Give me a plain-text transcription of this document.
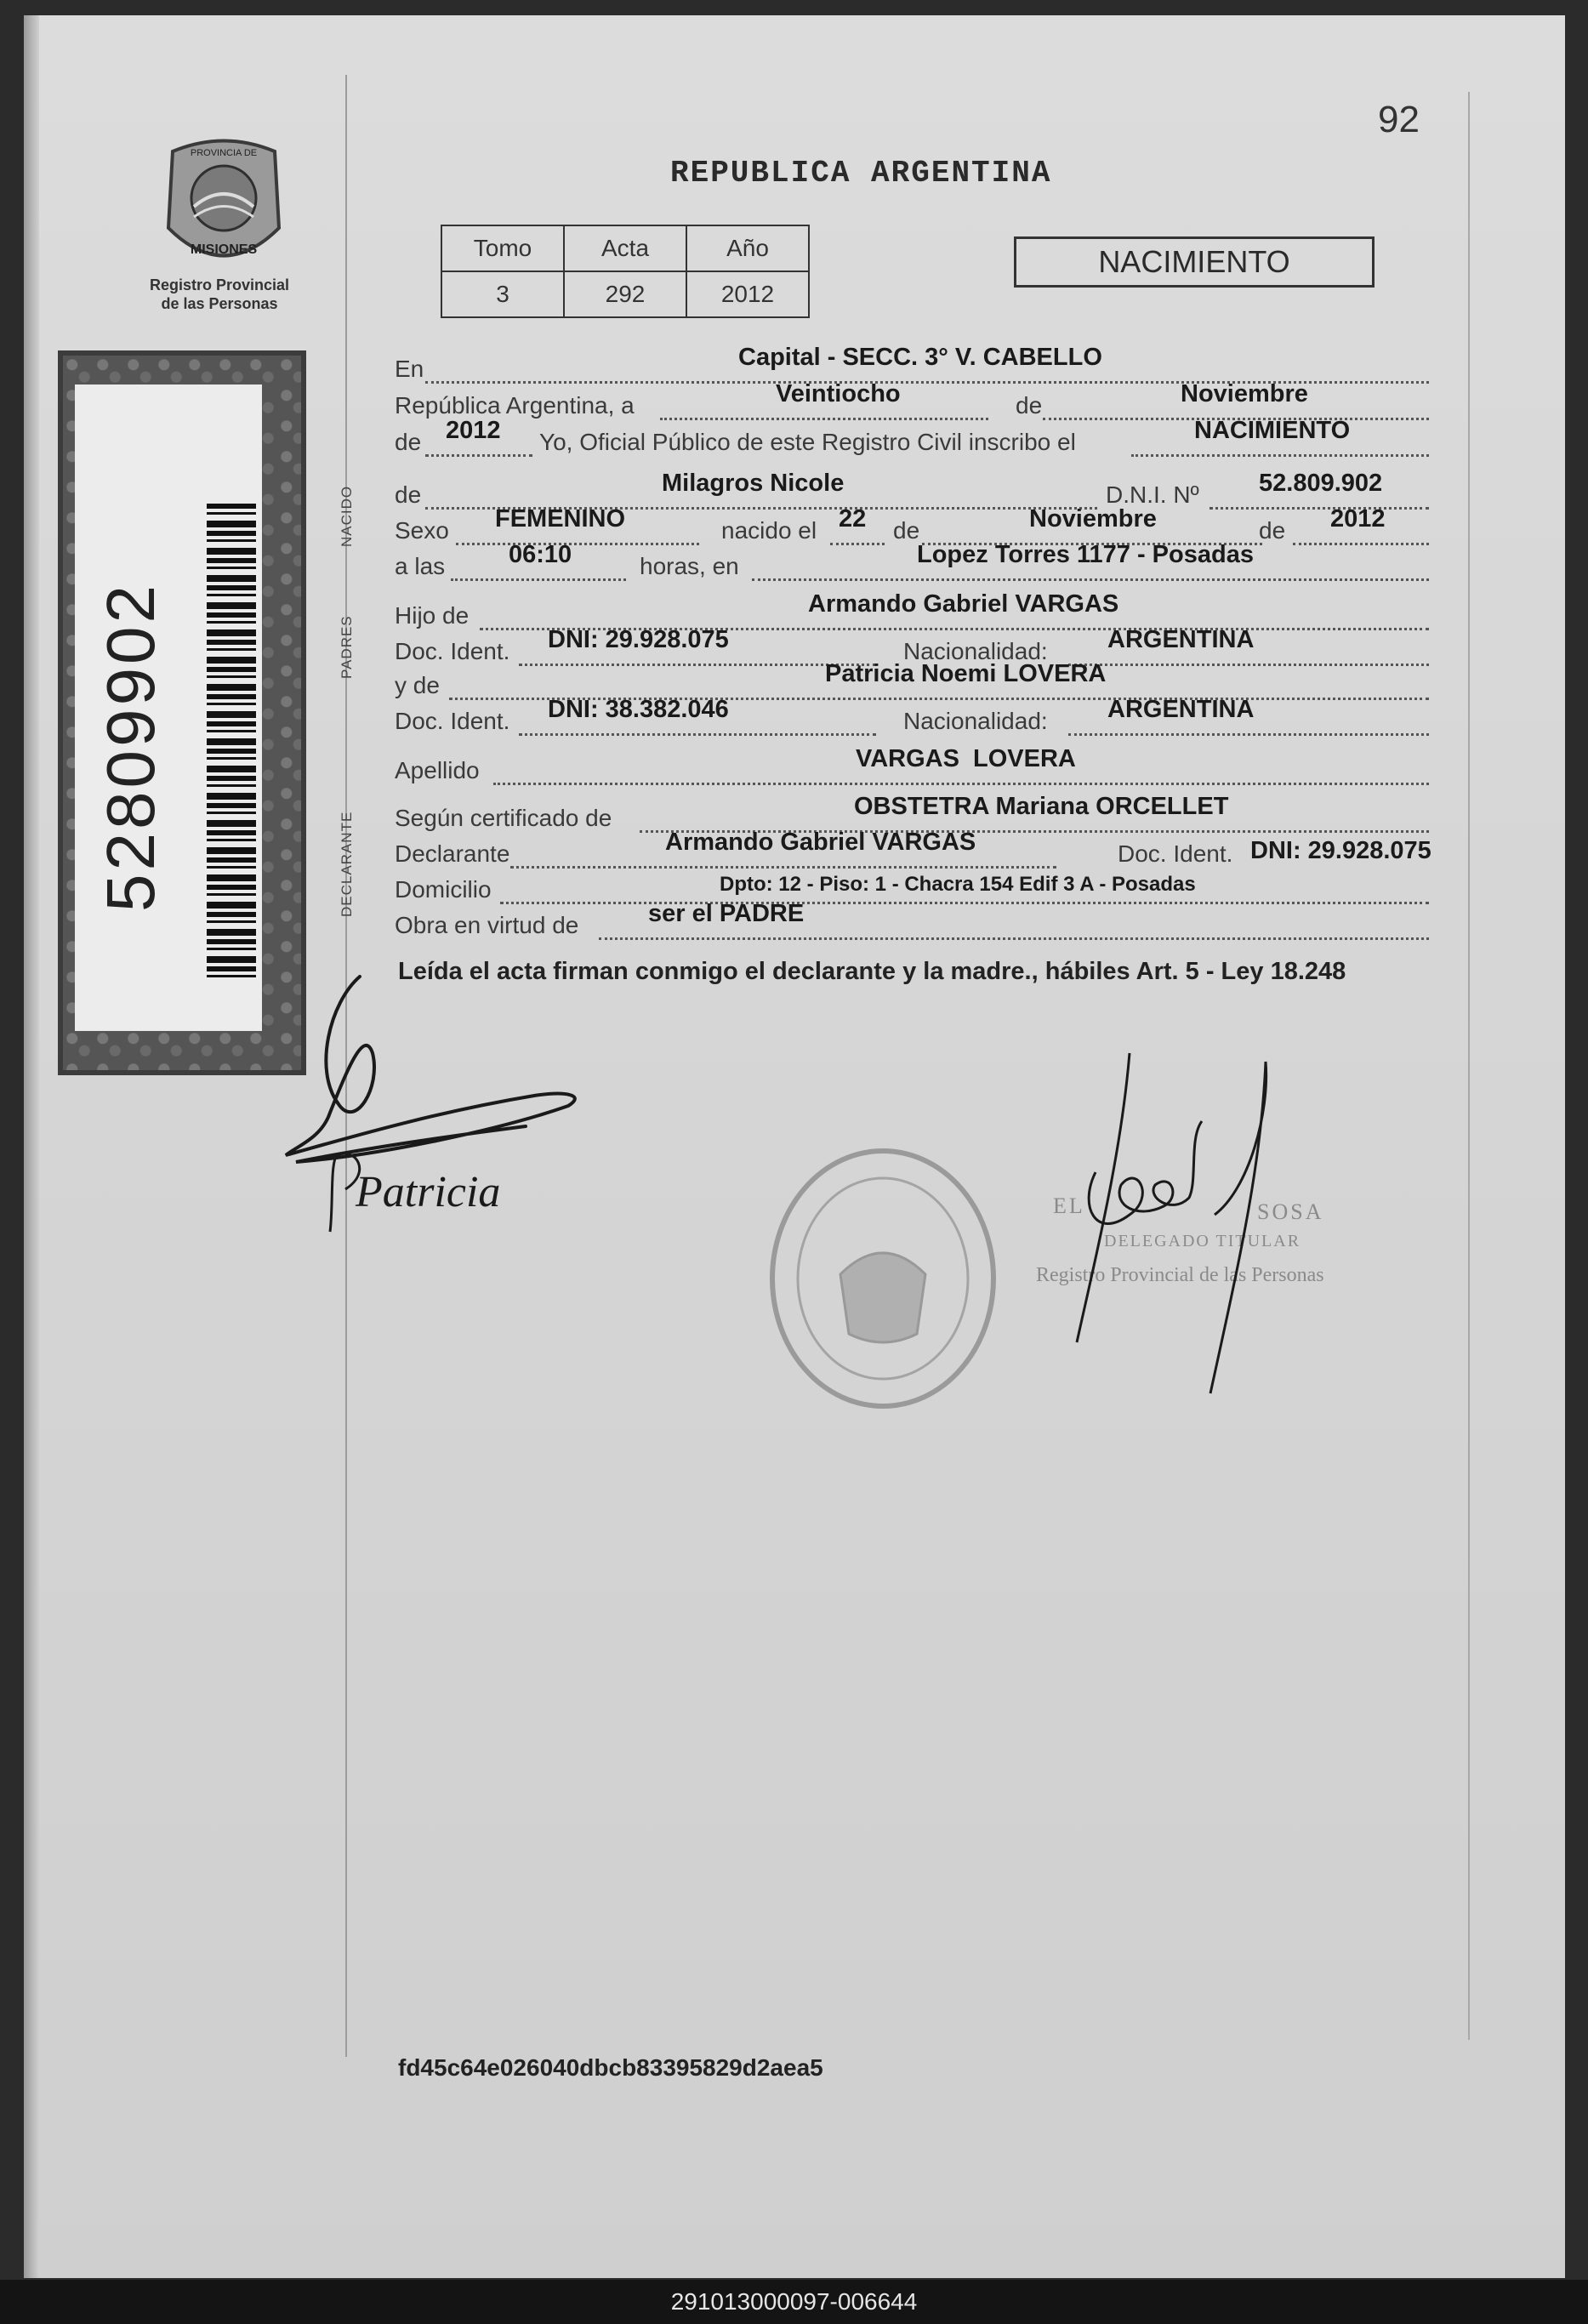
92
REPUBLICA ARGENTINA
PROVINCIA DE
MISIONES
Registro Provincial
de las Personas
Tomo	Acta	Año
3	292	2012
NACIMIENTO
52809902
NACIDO
PADRES
DECLARANTE
En	Capital - SECC. 3° V. CABELLO
República Argentina, a	Veintiocho	de	Noviembre
de 2012 Yo, Oficial Público de este Registro Civil inscribo el	NACIMIENTO
de	Milagros Nicole	D.N.I. Nº 52.809.902
Sexo FEMENINO	nacido el 22 de	Noviembre	de 2012
a las	06:10	horas, en	Lopez Torres 1177 - Posadas
Hijo de	Armando Gabriel VARGAS
Doc. Ident. DNI: 29.928.075	Nacionalidad: ARGENTINA
y de	Patricia Noemi LOVERA
Doc. Ident. DNI: 38.382.046	Nacionalidad: ARGENTINA
Apellido	VARGAS  LOVERA
Según certificado de	OBSTETRA Mariana ORCELLET
Declarante	Armando Gabriel VARGAS	Doc. Ident. DNI: 29.928.075
Domicilio	Dpto: 12 - Piso: 1 - Chacra 154 Edif 3 A - Posadas
Obra en virtud de	ser el PADRE
Leída el acta firman conmigo el declarante y la madre., hábiles Art. 5 - Ley 18.248
Patricia	EL	SOSA
DELEGADO TITULAR
Registro Provincial de las Personas
fd45c64e026040dbcb83395829d2aea5
291013000097-006644
